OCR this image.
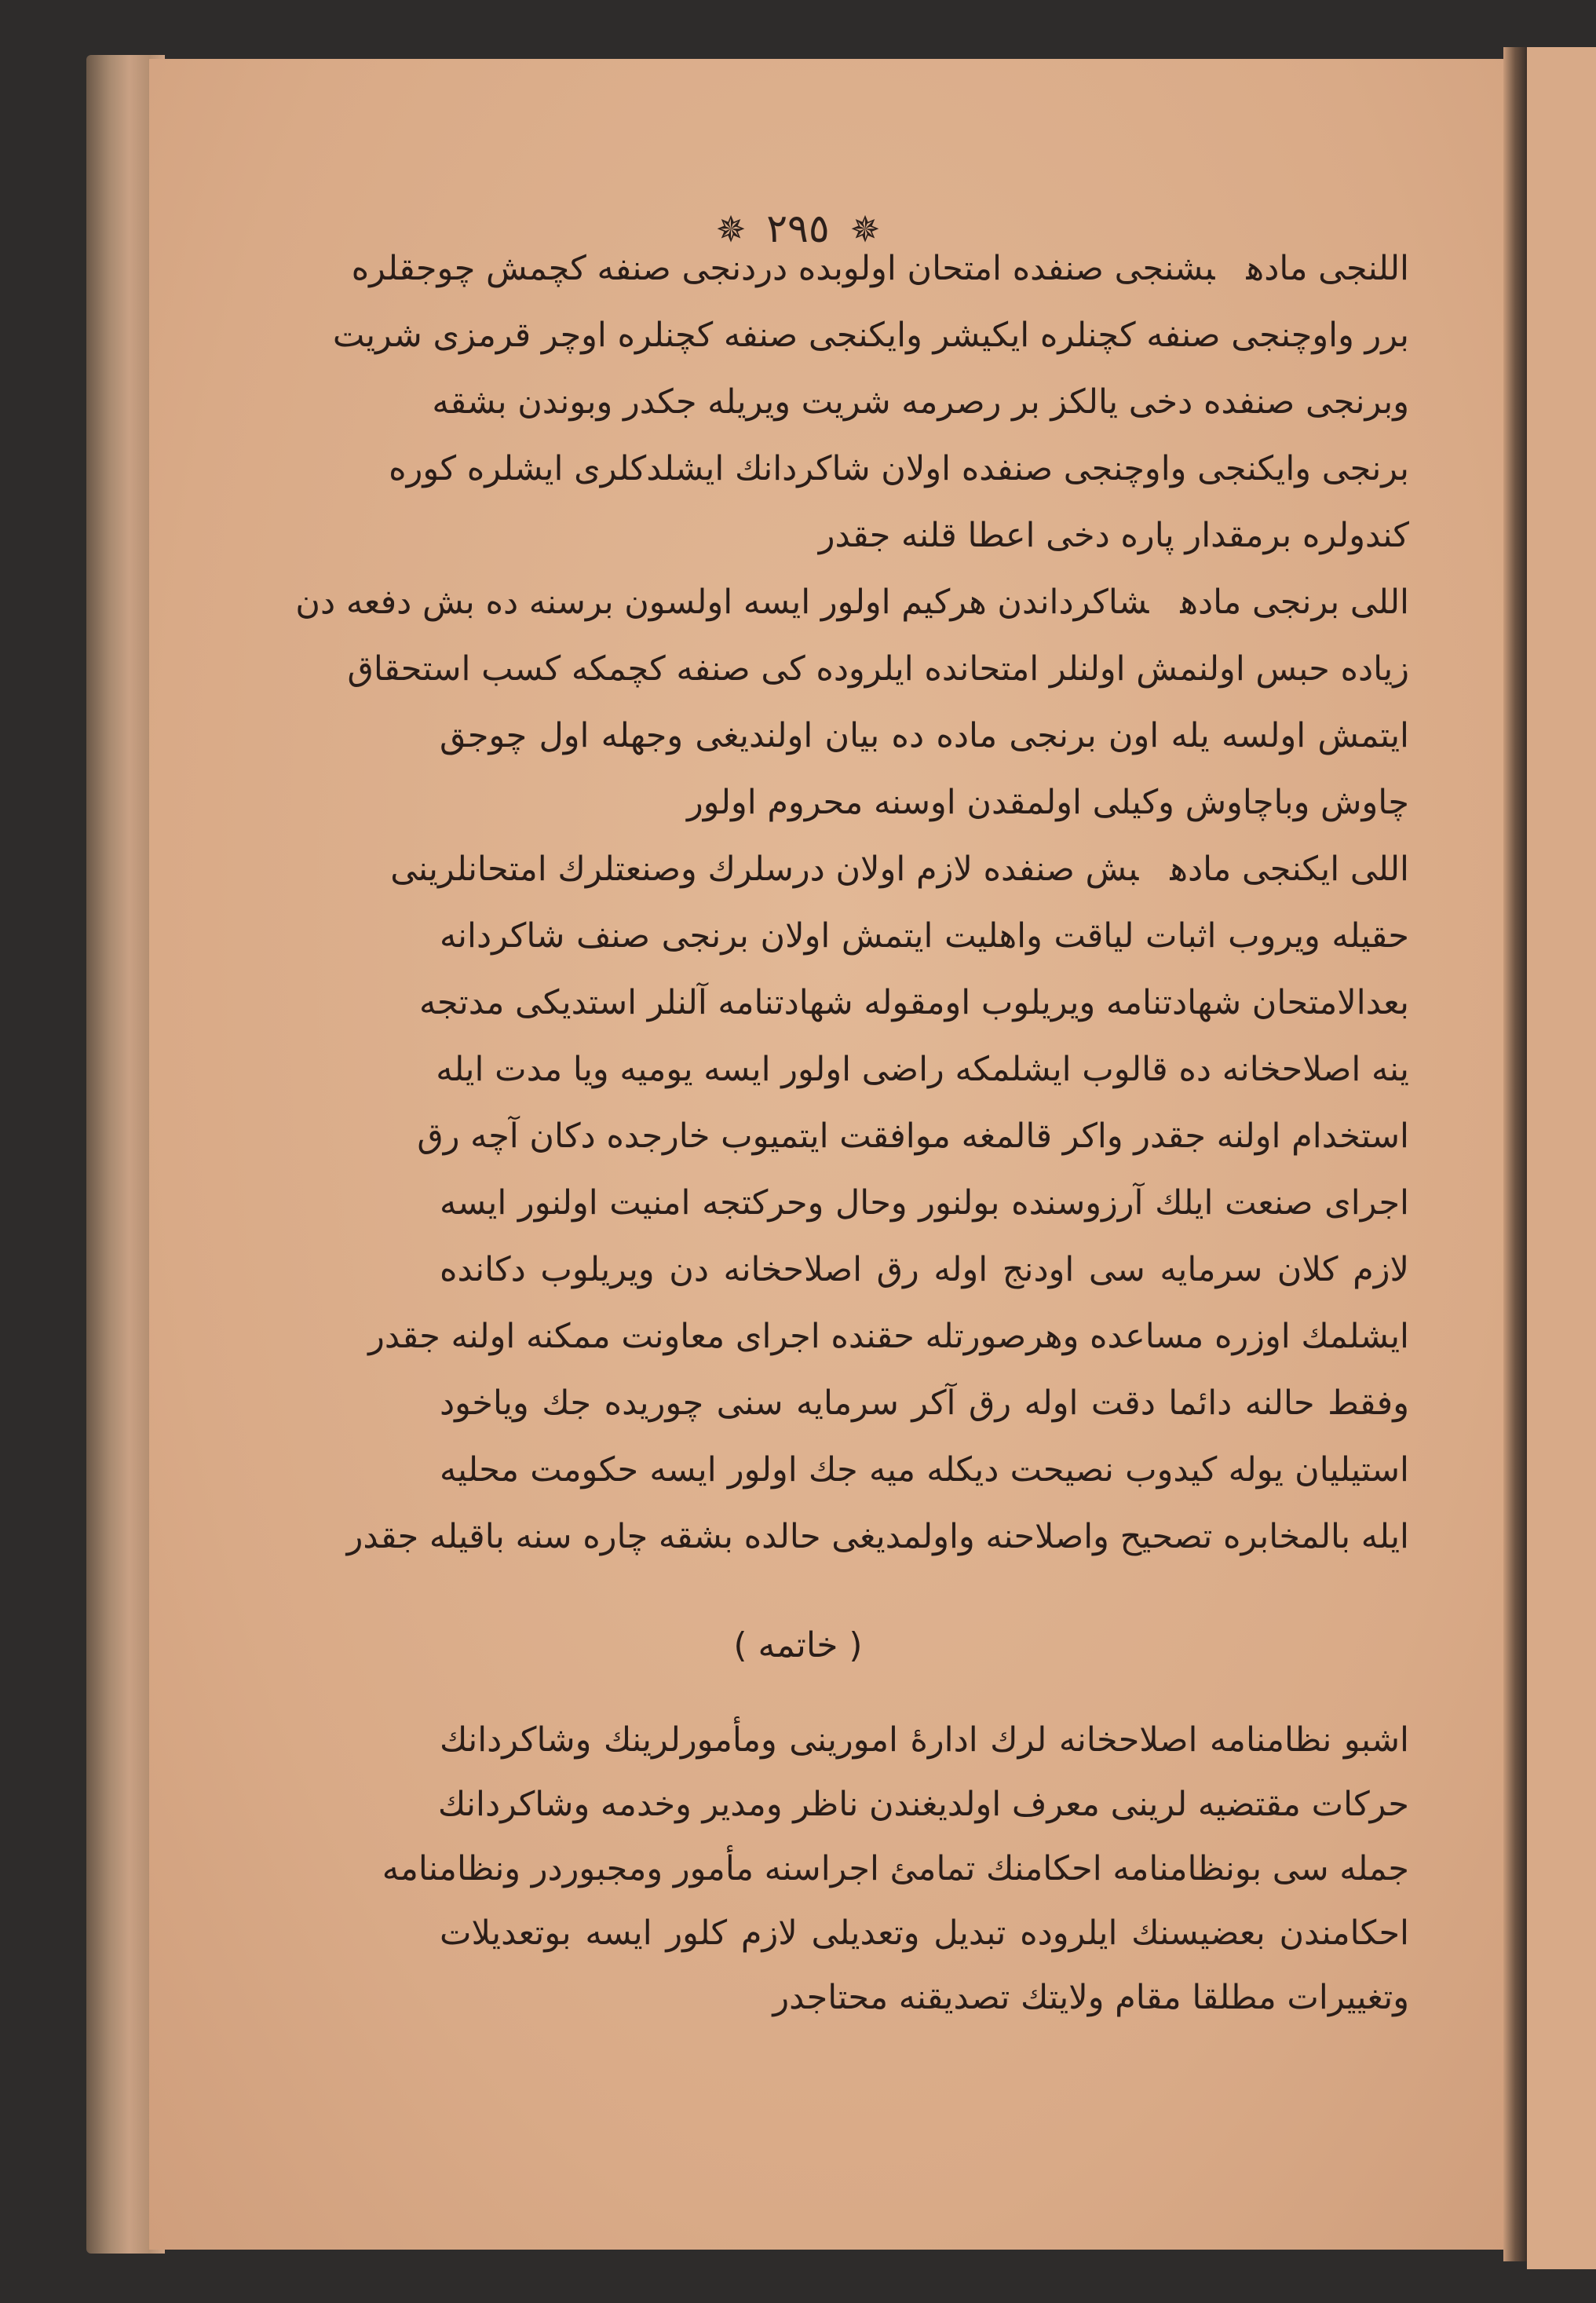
✵ ٢٩٥ ✵
اللنجی مادهبشنجی صنفده امتحان اولوبده دردنجی صنفه کچمش چوجقلره
برر واوچنجی صنفه کچنلره ایکیشر وایکنجی صنفه کچنلره اوچر قرمزی شریت
وبرنجی صنفده دخی یالکز بر رصرمه شریت ویریله جکدر وبوندن بشقه
برنجی وایکنجی واوچنجی صنفده اولان شاکردانك ایشلدکلری ایشلره کوره
کندولره برمقدار پاره دخی اعطا قلنه جقدر
اللی برنجی مادهشاکرداندن هرکیم اولور ایسه اولسون برسنه ده بش دفعه دن
زیاده حبس اولنمش اولنلر امتحانده ایلروده کی صنفه کچمکه کسب استحقاق
ایتمش اولسه یله اون برنجی ماده ده بیان اولندیغی وجهله اول چوجق
چاوش وباچاوش وکیلی اولمقدن اوسنه محروم اولور
اللی ایکنجی مادهبش صنفده لازم اولان درسلرك وصنعتلرك امتحانلرینی
حقیله ویروب اثبات لیاقت واهلیت ایتمش اولان برنجی صنف شاکردانه
بعدالامتحان شهادتنامه ویریلوب اومقوله شهادتنامه آلنلر استدیکی مدتجه
ینه اصلاحخانه ده قالوب ایشلمکه راضی اولور ایسه یومیه ویا مدت ایله
استخدام اولنه جقدر واکر قالمغه موافقت ایتمیوب خارجده دکان آچه رق
اجرای صنعت ایلك آرزوسنده بولنور وحال وحرکتجه امنیت اولنور ایسه
لازم کلان سرمایه سی اودنج اوله رق اصلاحخانه دن ویریلوب دکانده
ایشلمك اوزره مساعده وهرصورتله حقنده اجرای معاونت ممکنه اولنه جقدر
وفقط حالنه دائما دقت اوله رق آکر سرمایه سنی چوریده جك ویاخود
استیلیان یوله کیدوب نصیحت دیکله میه جك اولور ایسه حکومت محلیه
ایله بالمخابره تصحیح واصلاحنه واولمدیغی حالده بشقه چاره سنه باقیله جقدر
( خاتمه )
اشبو نظامنامه اصلاحخانه لرك ادارهٔ امورینی ومأمورلرینك وشاکردانك
حرکات مقتضیه لرینی معرف اولدیغندن ناظر ومدیر وخدمه وشاکردانك
جمله سی بونظامنامه احکامنك تمامئ اجراسنه مأمور ومجبوردر ونظامنامه
احکامندن بعضیسنك ایلروده تبدیل وتعدیلی لازم کلور ایسه بوتعدیلات
وتغییرات مطلقا مقام ولایتك تصدیقنه محتاجدر
